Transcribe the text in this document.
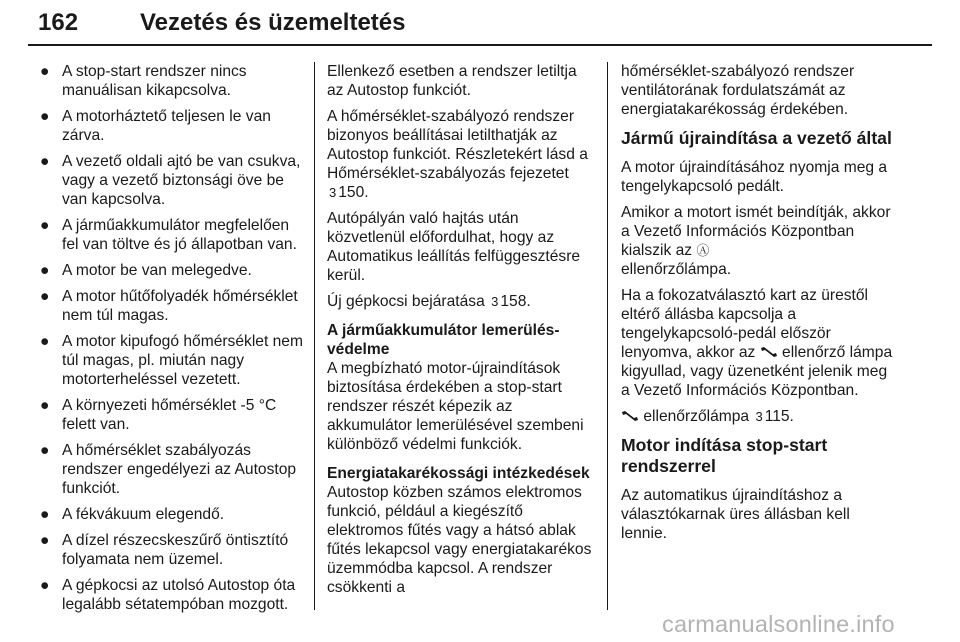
162	Vezetés és üzemeltetés
● A stop-start rendszer nincs manuálisan kikapcsolva.
● A motorháztető teljesen le van zárva.
● A vezető oldali ajtó be van csukva, vagy a vezető biztonsági öve be van kapcsolva.
● A járműakkumulátor megfelelően fel van töltve és jó állapotban van.
● A motor be van melegedve.
● A motor hűtőfolyadék hőmérséklet nem túl magas.
● A motor kipufogó hőmérséklet nem túl magas, pl. miután nagy motorterheléssel vezetett.
● A környezeti hőmérséklet -5 °C felett van.
● A hőmérséklet szabályozás rendszer engedélyezi az Autostop funkciót.
● A fékvákuum elegendő.
● A dízel részecskeszűrő öntisztító folyamata nem üzemel.
● A gépkocsi az utolsó Autostop óta legalább sétatempóban mozgott.
Ellenkező esetben a rendszer letiltja az Autostop funkciót.
A hőmérséklet-szabályozó rendszer bizonyos beállításai letilthatják az Autostop funkciót. Részletekért lásd a Hőmérséklet-szabályozás fejezetet 3 150.
Autópályán való hajtás után közvetlenül előfordulhat, hogy az Automatikus leállítás felfüggesztésre kerül.
Új gépkocsi bejáratása 3 158.
A járműakkumulátor lemerülés-védelme
A megbízható motor-újraindítások biztosítása érdekében a stop-start rendszer részét képezik az akkumulátor lemerülésével szembeni különböző védelmi funkciók.
Energiatakarékossági intézkedések
Autostop közben számos elektromos funkció, például a kiegészítő elektromos fűtés vagy a hátsó ablak fűtés lekapcsol vagy energiatakarékos üzemmódba kapcsol. A rendszer csökkenti a
hőmérséklet-szabályozó rendszer ventilátorának fordulatszámát az energiatakarékosság érdekében.
Jármű újraindítása a vezető által
A motor újraindításához nyomja meg a tengelykapcsoló pedált.
Amikor a motort ismét beindítják, akkor a Vezető Információs Központban kialszik az Ⓐ
ellenőrzőlámpa.
Ha a fokozatválasztó kart az ürestől eltérő állásba kapcsolja a tengelykapcsoló-pedál először lenyomva, akkor az ellenőrző lámpa kigyullad, vagy üzenetként jelenik meg a Vezető Információs Központban.
ellenőrzőlámpa 3 115.
Motor indítása stop-start rendszerrel
Az automatikus újraindításhoz a választókarnak üres állásban kell lennie.
carmanualsonline.info
